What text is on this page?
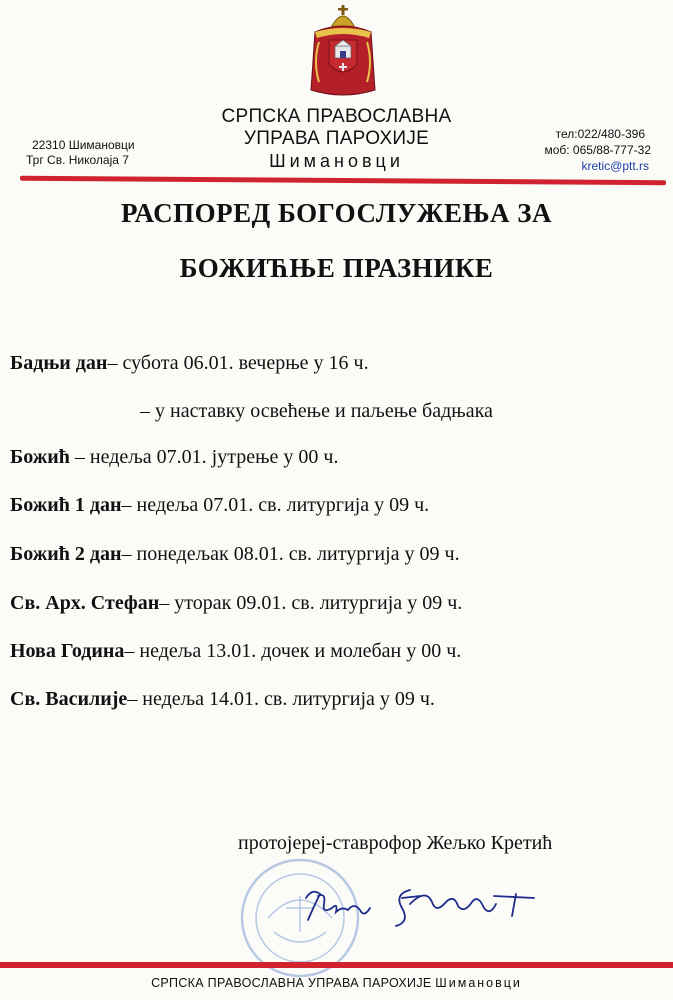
СРПСКА ПРАВОСЛАВНА
УПРАВА ПАРОХИЈЕ
Шимановци
22310 Шимановци
Трг Св. Николаја 7
тел:022/480-396
моб: 065/88-777-32
kretic@ptt.rs
РАСПОРЕД БОГОСЛУЖЕЊА ЗА
БОЖИЋЊЕ ПРАЗНИКЕ
Бадњи дан– субота 06.01. вечерње у 16 ч.
– у наставку освећење и паљење бадњака
Божић – недеља 07.01. јутрење у 00 ч.
Божић 1 дан– недеља 07.01. св. литургија у 09 ч.
Божић 2 дан– понедељак 08.01. св. литургија у 09 ч.
Св. Арх. Стефан– уторак 09.01. св. литургија у 09 ч.
Нова Година– недеља 13.01. дочек и молебан у 00 ч.
Св. Василије– недеља 14.01. св. литургија у 09 ч.
протојереј-ставрофор Жељко Кретић
СРПСКА ПРАВОСЛАВНА УПРАВА ПАРОХИЈЕ Шимановци
